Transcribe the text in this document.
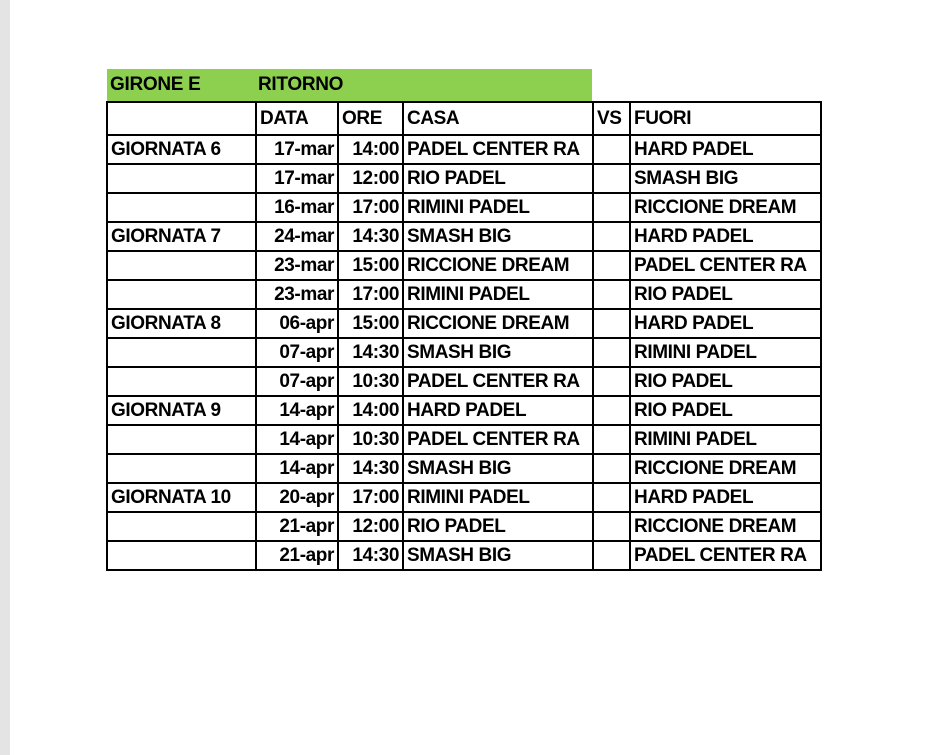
GIRONE E	RITORNO
	DATA	ORE	CASA	VS	FUORI
GIORNATA 6	17-mar	14:00	PADEL CENTER RA		HARD PADEL
	17-mar	12:00	RIO PADEL		SMASH BIG
	16-mar	17:00	RIMINI PADEL		RICCIONE DREAM
GIORNATA 7	24-mar	14:30	SMASH BIG		HARD PADEL
	23-mar	15:00	RICCIONE DREAM		PADEL CENTER RA
	23-mar	17:00	RIMINI PADEL		RIO PADEL
GIORNATA 8	06-apr	15:00	RICCIONE DREAM		HARD PADEL
	07-apr	14:30	SMASH BIG		RIMINI PADEL
	07-apr	10:30	PADEL CENTER RA		RIO PADEL
GIORNATA 9	14-apr	14:00	HARD PADEL		RIO PADEL
	14-apr	10:30	PADEL CENTER RA		RIMINI PADEL
	14-apr	14:30	SMASH BIG		RICCIONE DREAM
GIORNATA 10	20-apr	17:00	RIMINI PADEL		HARD PADEL
	21-apr	12:00	RIO PADEL		RICCIONE DREAM
	21-apr	14:30	SMASH BIG		PADEL CENTER RA
